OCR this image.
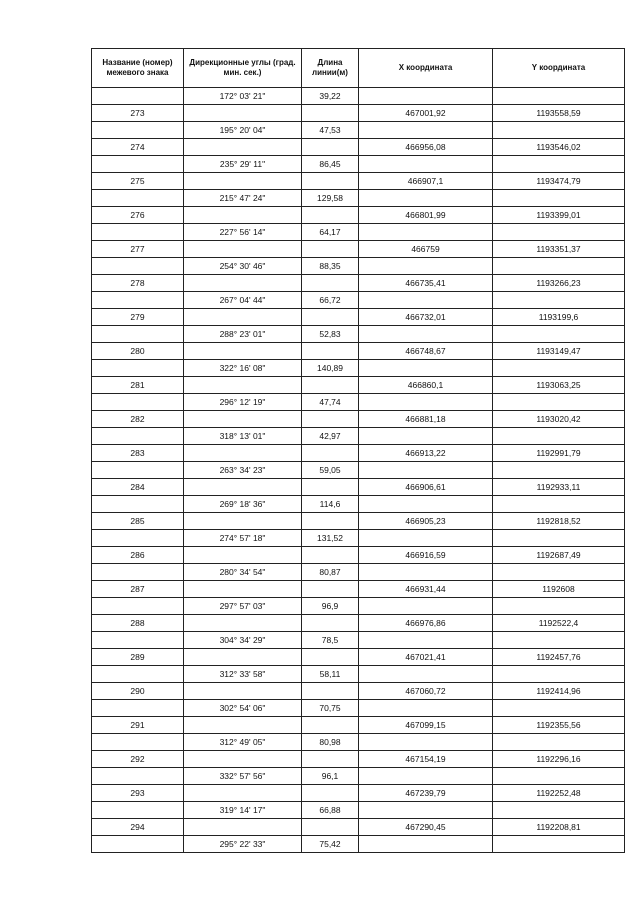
Название (номер) межевого знака	Дирекционные углы (град. мин. сек.)	Длина линии(м)	X координата	Y координата
	172° 03' 21"	39,22		
273			467001,92	1193558,59
	195° 20' 04"	47,53		
274			466956,08	1193546,02
	235° 29' 11"	86,45		
275			466907,1	1193474,79
	215° 47' 24"	129,58		
276			466801,99	1193399,01
	227° 56' 14"	64,17		
277			466759	1193351,37
	254° 30' 46"	88,35		
278			466735,41	1193266,23
	267° 04' 44"	66,72		
279			466732,01	1193199,6
	288° 23' 01"	52,83		
280			466748,67	1193149,47
	322° 16' 08"	140,89		
281			466860,1	1193063,25
	296° 12' 19"	47,74		
282			466881,18	1193020,42
	318° 13' 01"	42,97		
283			466913,22	1192991,79
	263° 34' 23"	59,05		
284			466906,61	1192933,11
	269° 18' 36"	114,6		
285			466905,23	1192818,52
	274° 57' 18"	131,52		
286			466916,59	1192687,49
	280° 34' 54"	80,87		
287			466931,44	1192608
	297° 57' 03"	96,9		
288			466976,86	1192522,4
	304° 34' 29"	78,5		
289			467021,41	1192457,76
	312° 33' 58"	58,11		
290			467060,72	1192414,96
	302° 54' 06"	70,75		
291			467099,15	1192355,56
	312° 49' 05"	80,98		
292			467154,19	1192296,16
	332° 57' 56"	96,1		
293			467239,79	1192252,48
	319° 14' 17"	66,88		
294			467290,45	1192208,81
	295° 22' 33"	75,42		
